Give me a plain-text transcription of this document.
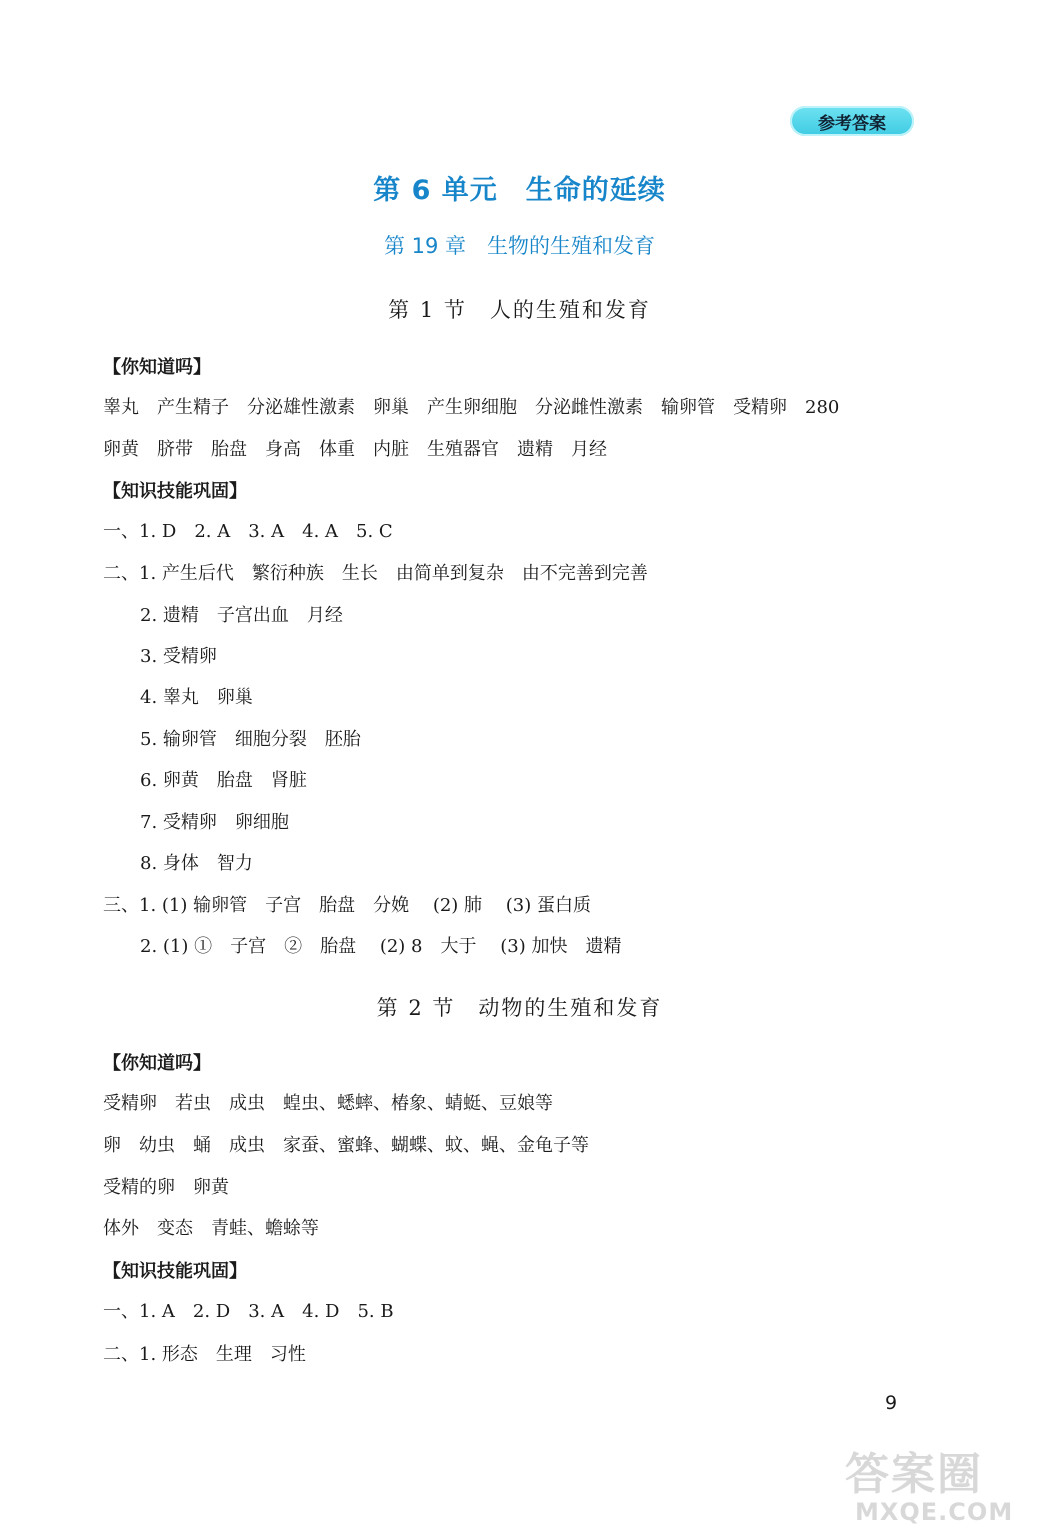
参考答案
第 6 单元　生命的延续
第 19 章　生物的生殖和发育
第 1 节　人的生殖和发育
【你知道吗】
睾丸　产生精子　分泌雄性激素　卵巢　产生卵细胞　分泌雌性激素　输卵管　受精卵　280
卵黄　脐带　胎盘　身高　体重　内脏　生殖器官　遗精　月经
【知识技能巩固】
一、1. D　2. A　3. A　4. A　5. C
二、1. 产生后代　繁衍种族　生长　由简单到复杂　由不完善到完善
2. 遗精　子宫出血　月经
3. 受精卵
4. 睾丸　卵巢
5. 输卵管　细胞分裂　胚胎
6. 卵黄　胎盘　肾脏
7. 受精卵　卵细胞
8. 身体　智力
三、1. (1) 输卵管　子宫　胎盘　分娩　 (2) 肺　 (3) 蛋白质
2. (1) ①　子宫　②　胎盘　 (2) 8　大于　 (3) 加快　遗精
第 2 节　动物的生殖和发育
【你知道吗】
受精卵　若虫　成虫　蝗虫、蟋蟀、椿象、蜻蜓、豆娘等
卵　幼虫　蛹　成虫　家蚕、蜜蜂、蝴蝶、蚊、蝇、金龟子等
受精的卵　卵黄
体外　变态　青蛙、蟾蜍等
【知识技能巩固】
一、1. A　2. D　3. A　4. D　5. B
二、1. 形态　生理　习性
9
答案圈
MXQE.COM
